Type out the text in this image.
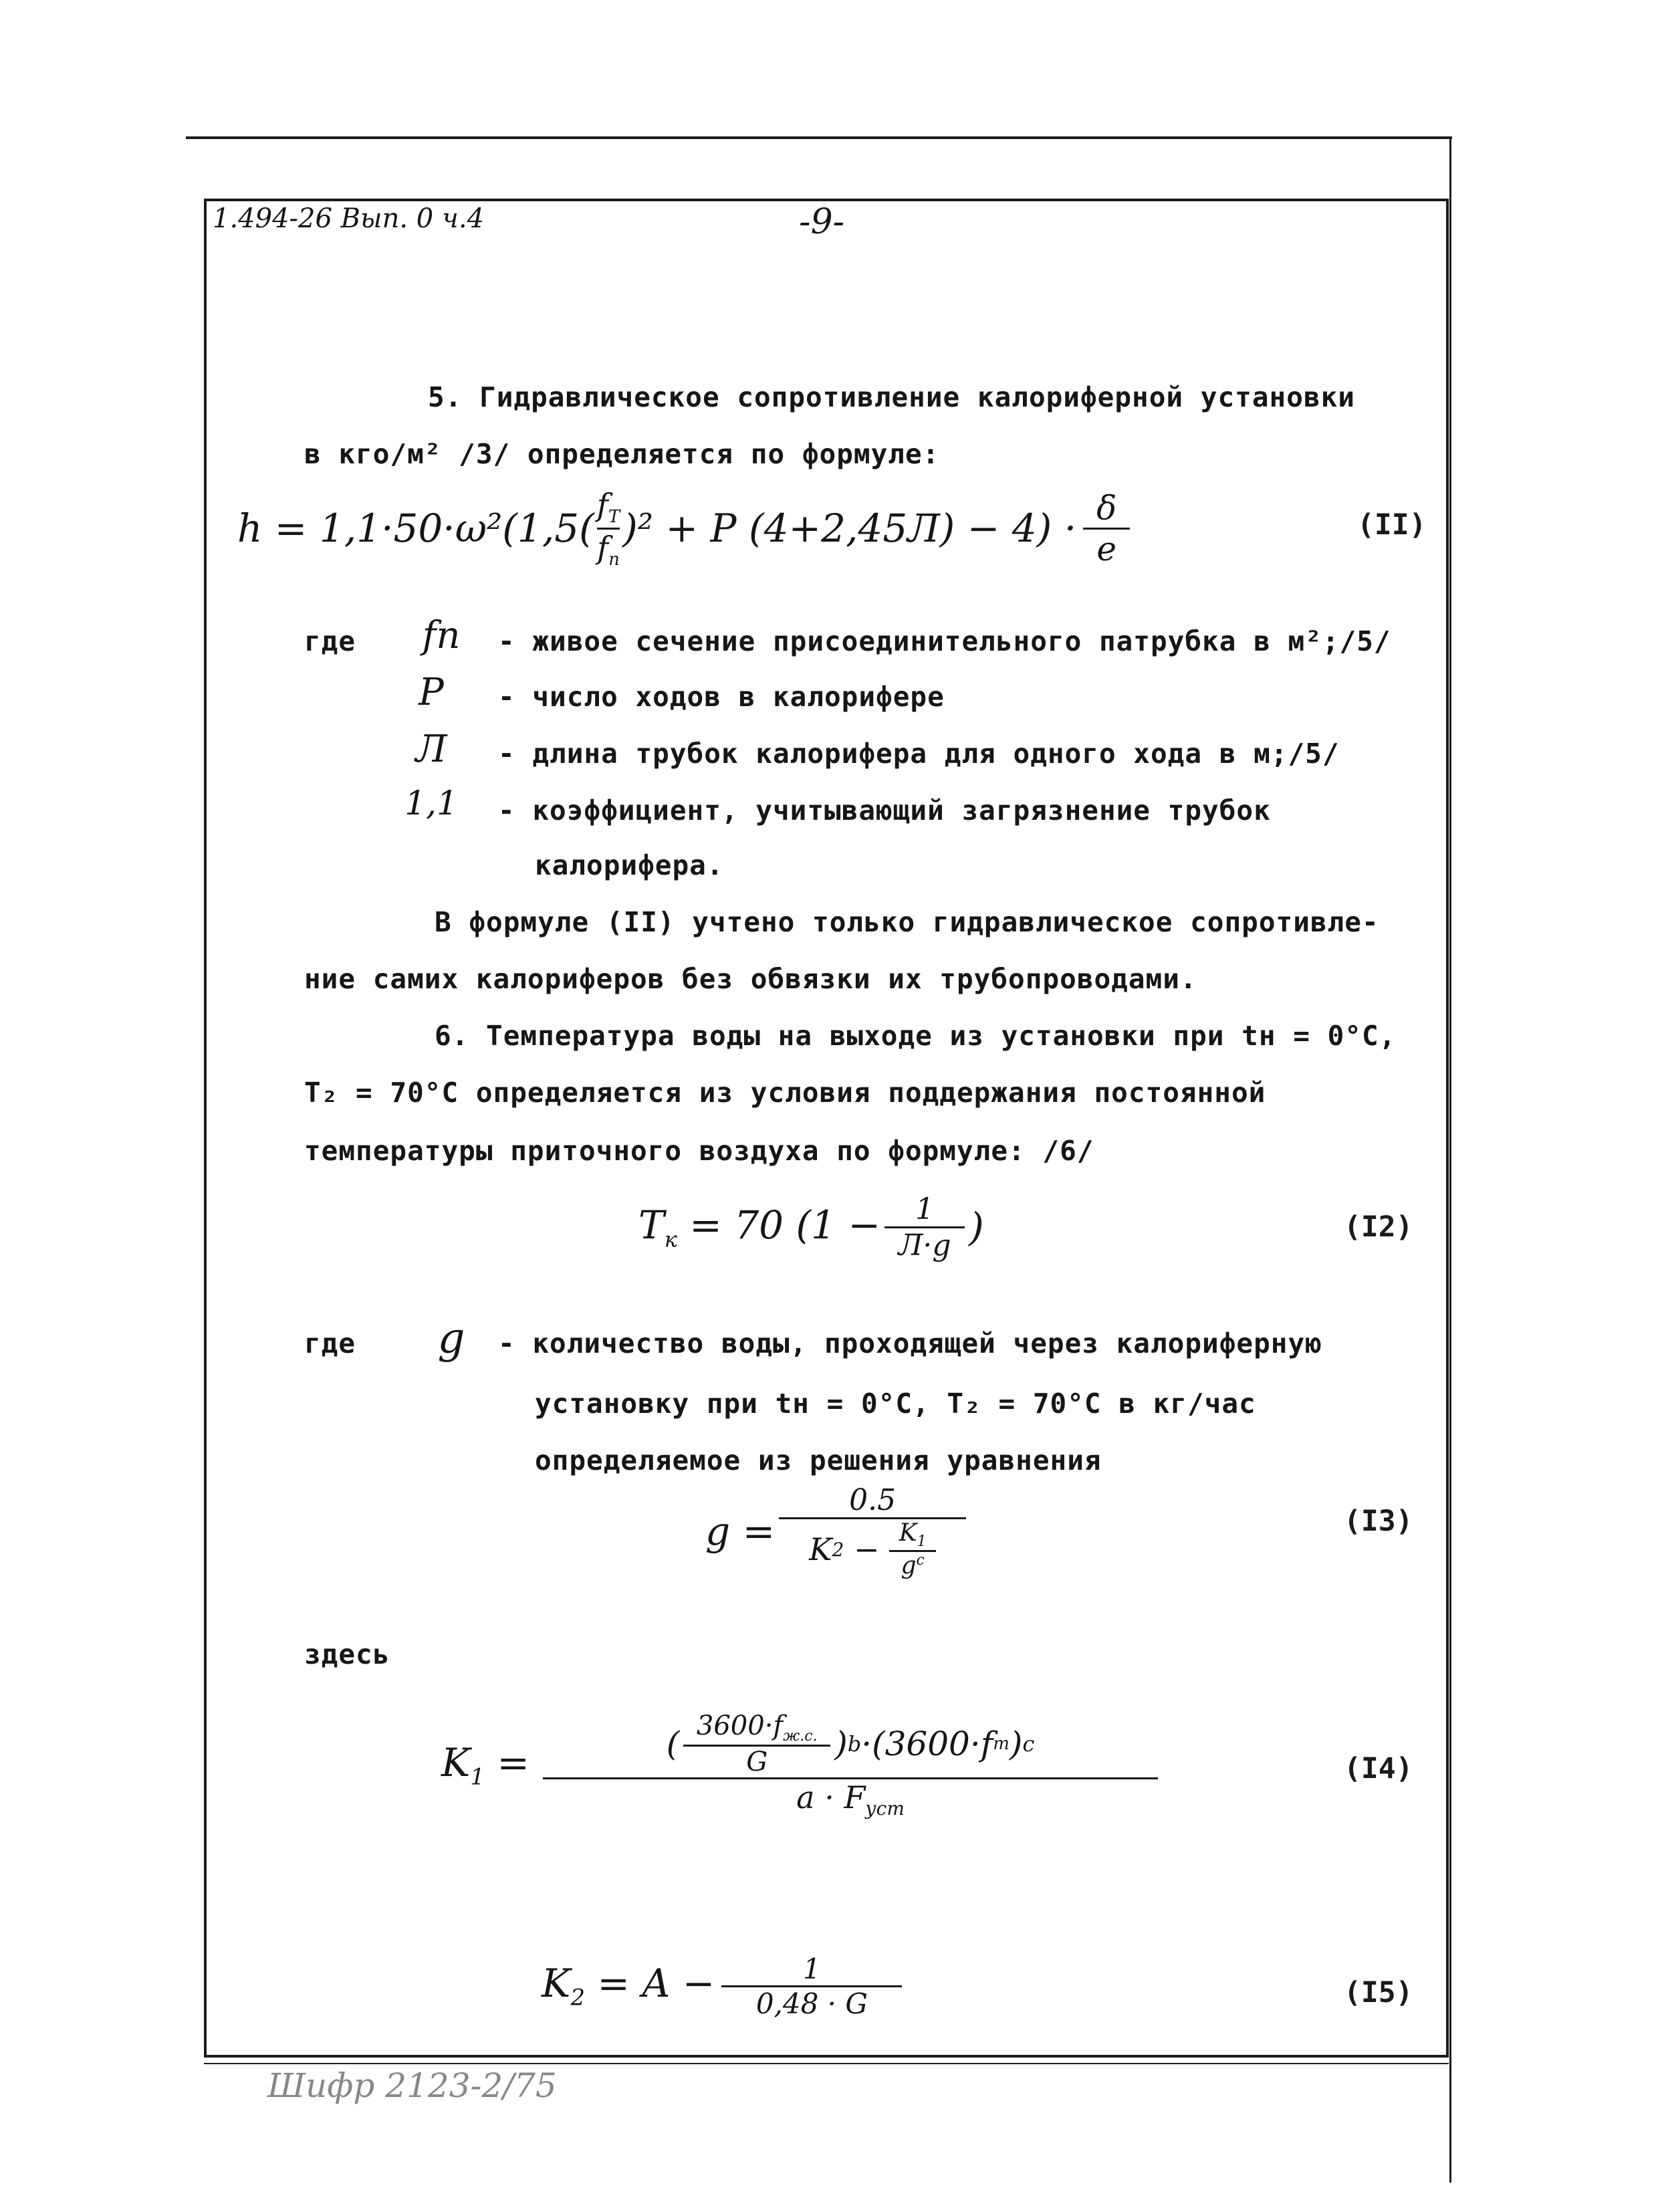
1.494-26 Вып. 0 ч.4	-9-
5. Гидравлическое сопротивление калориферной установки
в кго/м² /3/ определяется по формуле:
$h = 1,1\cdot 50\cdot\omega^2(1,5( \frac{f_T}{f_n} )^2 + P$ $(4+2,45Л) - 4) \cdot \frac{\delta}{e}$	(II)
где	fп	- живое сечение присоединительного патрубка в м²;/5/
P	- число ходов в калорифере
Л	- длина трубок калорифера для одного хода в м;/5/
1,1	- коэффициент, учитывающий загрязнение трубок
калорифера.
В формуле (II) учтено только гидравлическое сопротивле-
ние самих калориферов без обвязки их трубопроводами.
6. Температура воды на выходе из установки при tн = 0°C,
T₂ = 70°C определяется из условия поддержания постоянной
температуры приточного воздуха по формуле: /6/
$T_к = 70$ ($1 - \frac{1}{Л\cdot g}$ )	(I2)
где g	- количество воды, проходящей через калориферную
установку при tн = 0°C, T₂ = 70°C в кг/час
определяемое из решения уравнения
$g = \frac{0.5}{K 2 - \frac{K_1}{g^c}}$	(I3)
здесь
$K_1 = \frac{( \frac{3600\cdot f_{ж.с.}}{G} ) b \cdot(3600\cdot f т ) c}{a \cdot F_{уст}}$	(I4)
$K_2 = A - \frac{1}{0,48 \cdot G}$	(I5)
Шифр 2123-2/75
